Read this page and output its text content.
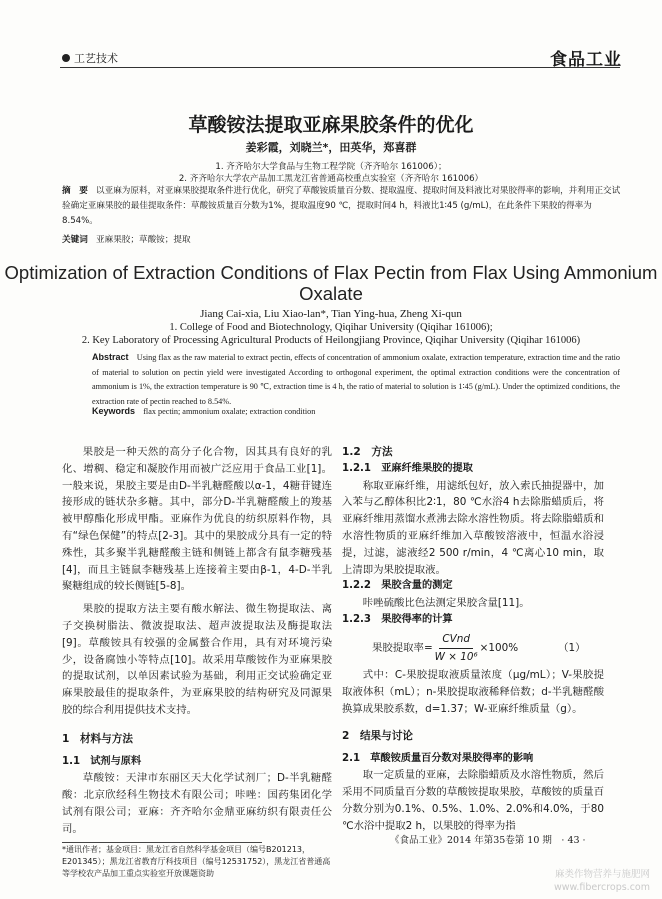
工艺技术	食品工业
草酸铵法提取亚麻果胶条件的优化
姜彩霞，刘晓兰*，田英华，郑喜群
1. 齐齐哈尔大学食品与生物工程学院（齐齐哈尔 161006）；
2. 齐齐哈尔大学农产品加工黑龙江省普通高校重点实验室（齐齐哈尔 161006）
摘　要 以亚麻为原料，对亚麻果胶提取条件进行优化，研究了草酸铵质量百分数、提取温度、提取时间及料液比对果胶得率的影响，并利用正交试验确定亚麻果胶的最佳提取条件：草酸铵质量百分数为1%，提取温度90 ℃，提取时间4 h，料液比1∶45 (g/mL)，在此条件下果胶的得率为8.54%。
关键词 亚麻果胶；草酸铵；提取
Optimization of Extraction Conditions of Flax Pectin from Flax Using Ammonium Oxalate
Jiang Cai-xia, Liu Xiao-lan*, Tian Ying-hua, Zheng Xi-qun
1. College of Food and Biotechnology, Qiqihar University (Qiqihar 161006);
2. Key Laboratory of Processing Agricultural Products of Heilongjiang Province, Qiqihar University (Qiqihar 161006)
Abstract Using flax as the raw material to extract pectin, effects of concentration of ammonium oxalate, extraction temperature, extraction time and the ratio of material to solution on pectin yield were investigated According to orthogonal experiment, the optimal extraction conditions were the concentration of ammonium is 1%, the extraction temperature is 90 ℃, extraction time is 4 h, the ratio of material to solution is 1∶45 (g/mL). Under the optimized conditions, the extraction rate of pectin reached to 8.54%.
Keywords flax pectin; ammonium oxalate; extraction condition

果胶是一种天然的高分子化合物，因其具有良好的乳化、增稠、稳定和凝胶作用而被广泛应用于食品工业[1]。一般来说，果胶主要是由D-半乳糖醛酸以α-1，4糖苷键连接形成的链状杂多糖。其中，部分D-半乳糖醛酸上的羧基被甲醇酯化形成甲酯。亚麻作为优良的纺织原料作物，具有“绿色保健”的特点[2-3]。其中的果胶成分具有一定的特殊性，其多聚半乳糖醛酸主链和侧链上都含有鼠李糖残基[4]，而且主链鼠李糖残基上连接着主要由β-1，4-D-半乳聚糖组成的较长侧链[5-8]。

果胶的提取方法主要有酸水解法、微生物提取法、离子交换树脂法、微波提取法、超声波提取法及酶提取法[9]。草酸铵具有较强的金属螯合作用，具有对环境污染少，设备腐蚀小等特点[10]。故采用草酸铵作为亚麻果胶的提取试剂，以单因素试验为基础，利用正交试验确定亚麻果胶最佳的提取条件，为亚麻果胶的结构研究及同源果胶的综合利用提供技术支持。

1　材料与方法
1.1　试剂与原料

草酸铵：天津市东丽区天大化学试剂厂；D-半乳糖醛酸：北京欣经科生物技术有限公司；咔唑：国药集团化学试剂有限公司；亚麻：齐齐哈尔金鼎亚麻纺织有限责任公司。

1.2　方法
1.2.1　亚麻纤维果胶的提取

称取亚麻纤维，用滤纸包好，放入索氏抽提器中，加入苯与乙醇体积比2∶1，80 ℃水浴4 h去除脂蜡质后，将亚麻纤维用蒸馏水煮沸去除水溶性物质。将去除脂蜡质和水溶性物质的亚麻纤维加入草酸铵溶液中，恒温水浴浸提，过滤，滤液经2 500 r/min，4 ℃离心10 min，取上清即为果胶提取液。

1.2.2　果胶含量的测定

咔唑硫酸比色法测定果胶含量[11]。

1.2.3　果胶得率的计算
果胶提取率= $\frac{\text{CVnd}}{\text{W × 10⁶}} \times 100\%$	（1）

式中：C-果胶提取液质量浓度（μg/mL）；V-果胶提取液体积（mL）；n-果胶提取液稀释倍数；d-半乳糖醛酸换算成果胶系数，d=1.37；W-亚麻纤维质量（g）。

2　结果与讨论
2.1　草酸铵质量百分数对果胶得率的影响

取一定质量的亚麻，去除脂蜡质及水溶性物质，然后采用不同质量百分数的草酸铵提取果胶，草酸铵的质量百分数分别为0.1%、0.5%、1.0%、2.0%和4.0%，于80 ℃水浴中提取2 h，以果胶的得率为指

*通讯作者；基金项目：黑龙江省自然科学基金项目（编号B201213，E201345）；黑龙江省教育厅科技项目（编号12531752），黑龙江省普通高等学校农产品加工重点实验室开放课题资助
《食品工业》2014 年第35卷第 10 期　· 43 ·
麻类作物营养与施肥网
www.fibercrops.com
